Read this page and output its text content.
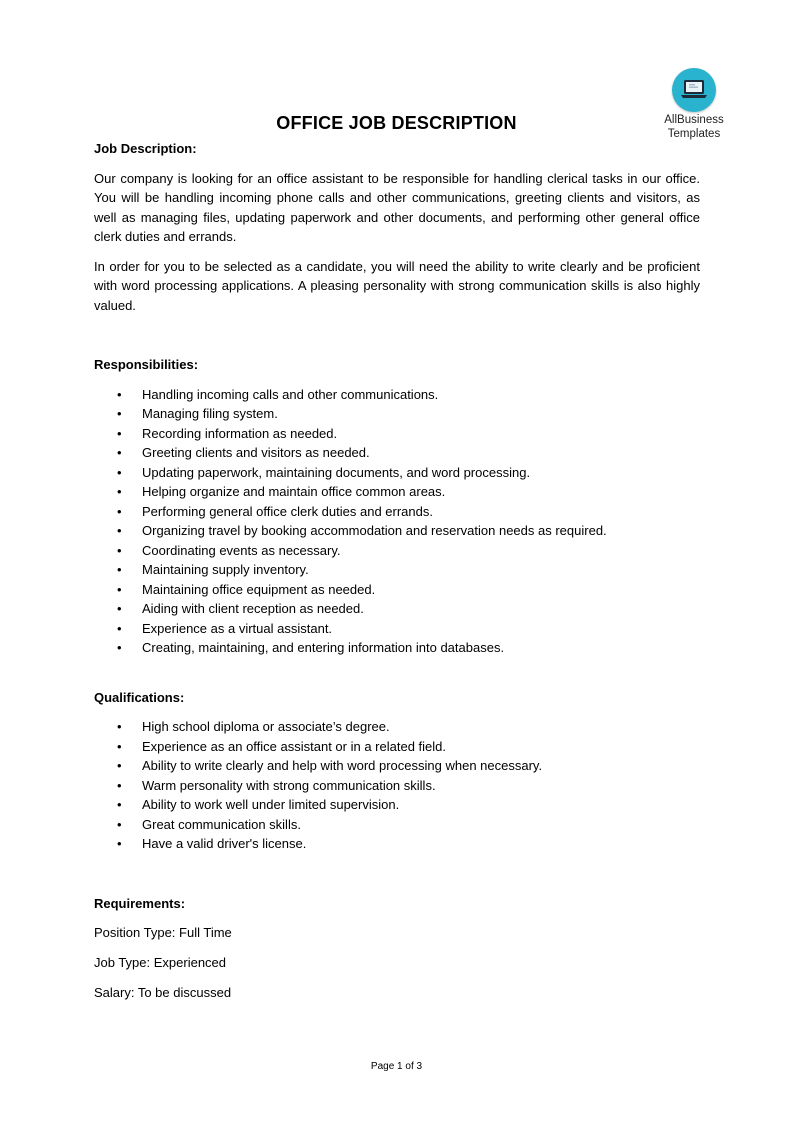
AllBusiness
Templates
OFFICE JOB DESCRIPTION

Job Description:

Our company is looking for an office assistant to be responsible for handling clerical tasks in our office. You will be handling incoming phone calls and other communications, greeting clients and visitors, as well as managing files, updating paperwork and other documents, and performing other general office clerk duties and errands.

In order for you to be selected as a candidate, you will need the ability to write clearly and be proficient with word processing applications. A pleasing personality with strong communication skills is also highly valued.

Responsibilities:

• Handling incoming calls and other communications.
• Managing filing system.
• Recording information as needed.
• Greeting clients and visitors as needed.
• Updating paperwork, maintaining documents, and word processing.
• Helping organize and maintain office common areas.
• Performing general office clerk duties and errands.
• Organizing travel by booking accommodation and reservation needs as required.
• Coordinating events as necessary.
• Maintaining supply inventory.
• Maintaining office equipment as needed.
• Aiding with client reception as needed.
• Experience as a virtual assistant.
• Creating, maintaining, and entering information into databases.

Qualifications:

• High school diploma or associate’s degree.
• Experience as an office assistant or in a related field.
• Ability to write clearly and help with word processing when necessary.
• Warm personality with strong communication skills.
• Ability to work well under limited supervision.
• Great communication skills.
• Have a valid driver's license.

Requirements:

Position Type: Full Time

Job Type: Experienced

Salary: To be discussed

Page 1 of 3
